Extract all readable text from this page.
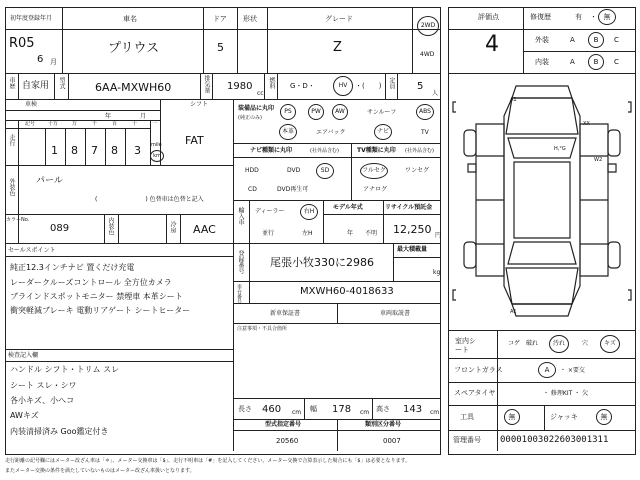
初年度登録年月
R05
6 月
車名
プリウス
ドア
5
形状	グレード
Z
2WD
4WD
評価点
4
修復歴	有 ・ 無
外装	A	B C
内装	A	B C
車歴 自家用 型式	6AA-MXWH60	排気量 1980
cc
燃料 G・D・	HV ・(　　) 定員 5
人
車検
年	月
シフト
FAT
走行
記号	十万	万	千	百	十	一
1 8 7 8 3 mile
km
装備品に丸印
(純正のみ)
PS	PW AW	サンルーフ	ABS
本革	エアバック	ナビ	TV
ナビ種類に丸印	(社外品含む)
HDD	DVD	SD
CD	DVD再生可
TV種類に丸印 (社外品含む)
フルセグ	ワンセグ
アナログ
外装色 パール
(　　　　　　　　) 色替車は色替と記入
カラーNo.
089	内装色	冷房 AAC
輸入車 ディーラー	右H
並行	左H
モデル年式
年 不明
リサイクル預託金
12,250 円
セールスポイント
純正12.3インチナビ 置くだけ充電
レーダークルーズコントロール 全方位カメラ
ブラインドスポットモニター 禁煙車 本革シート
衝突軽減ブレーキ 電動リアゲート シートヒーター
登録番号 尾張小牧330に2986
最大積載量
kg
車台番号	MXWH60-4018633
新車保証書	車両取説書
注意事項・不具合箇所
検査記入欄
ハンドル シフト・トリム スレ
シート スレ・シワ
各小キズ、小ヘコ
AWキズ
内装清掃済み Goo鑑定付き
長さ 460 cm 幅 178 cm 高さ 143 cm
型式指定番号
20560
類別区分番号
0007
A1
A1
XX
H,°G
W2
室内シート
コゲ 破れ 汚れ	穴	キズ
フロントガラス	A ・ ×要交
スペアタイヤ	・ 修理KIT ・ 欠
工具	無	ジャッキ	無
管理番号 00001003022603001311
走行距離の記号欄にはメーター改ざん車は「＊」、メーター交換車は「$」、走行不明車は「#」を記入してください。メーター交換で合算表示した場合にも「$」は必要となります。
またメーター交換の条件を満たしていないものはメーター改ざん車扱いとなります。
